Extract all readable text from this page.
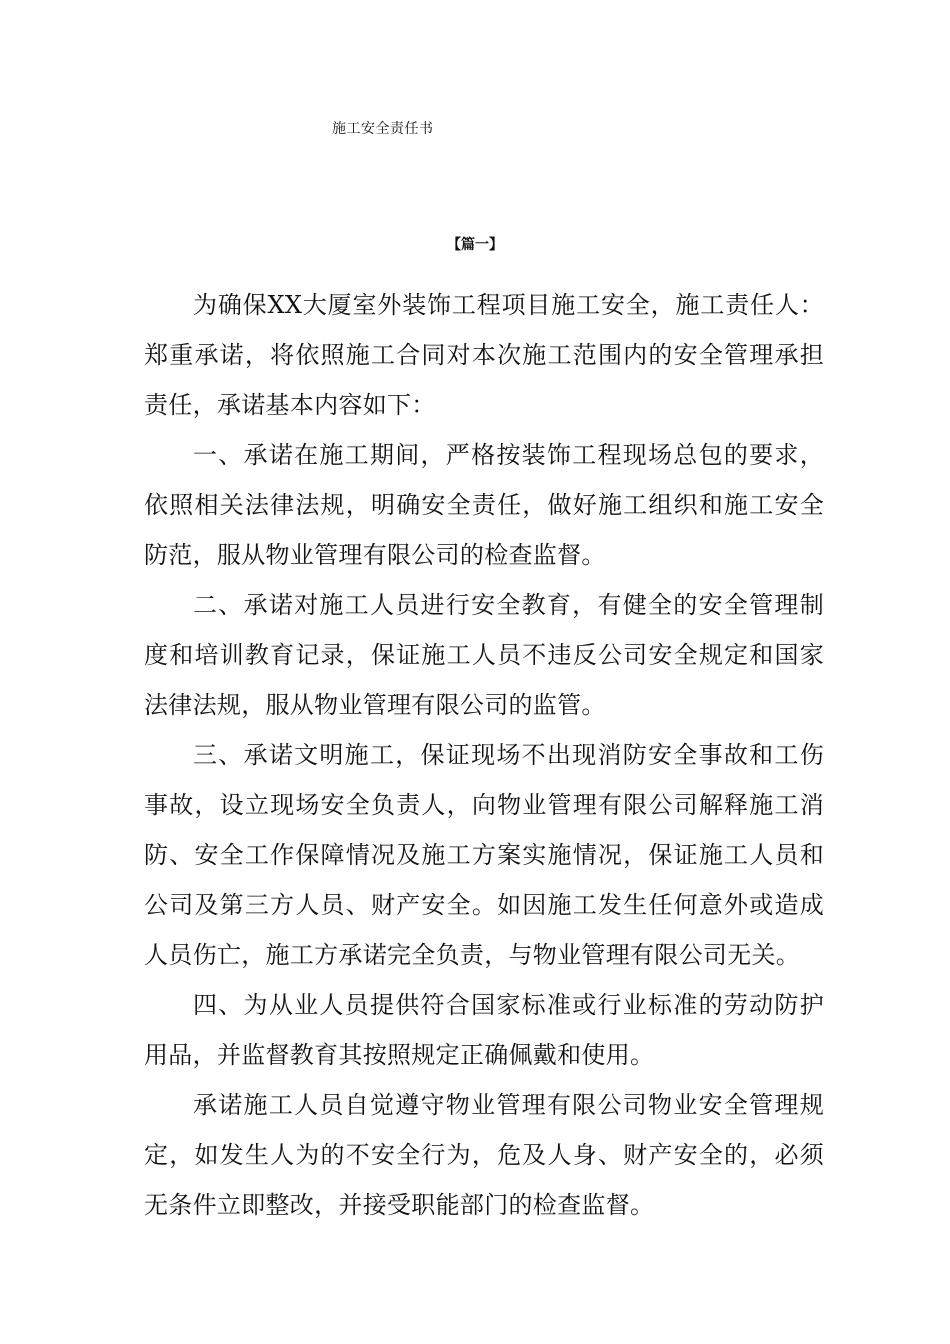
施工安全责任书
【篇一】

为确保XX大厦室外装饰工程项目施工安全，施工责任人：郑重承诺，将依照施工合同对本次施工范围内的安全管理承担责任，承诺基本内容如下：

一、承诺在施工期间，严格按装饰工程现场总包的要求，依照相关法律法规，明确安全责任，做好施工组织和施工安全防范，服从物业管理有限公司的检查监督。

二、承诺对施工人员进行安全教育，有健全的安全管理制度和培训教育记录，保证施工人员不违反公司安全规定和国家法律法规，服从物业管理有限公司的监管。

三、承诺文明施工，保证现场不出现消防安全事故和工伤事故，设立现场安全负责人，向物业管理有限公司解释施工消防、安全工作保障情况及施工方案实施情况，保证施工人员和公司及第三方人员、财产安全。如因施工发生任何意外或造成人员伤亡，施工方承诺完全负责，与物业管理有限公司无关。

四、为从业人员提供符合国家标准或行业标准的劳动防护用品，并监督教育其按照规定正确佩戴和使用。

承诺施工人员自觉遵守物业管理有限公司物业安全管理规定，如发生人为的不安全行为，危及人身、财产安全的，必须无条件立即整改，并接受职能部门的检查监督。
